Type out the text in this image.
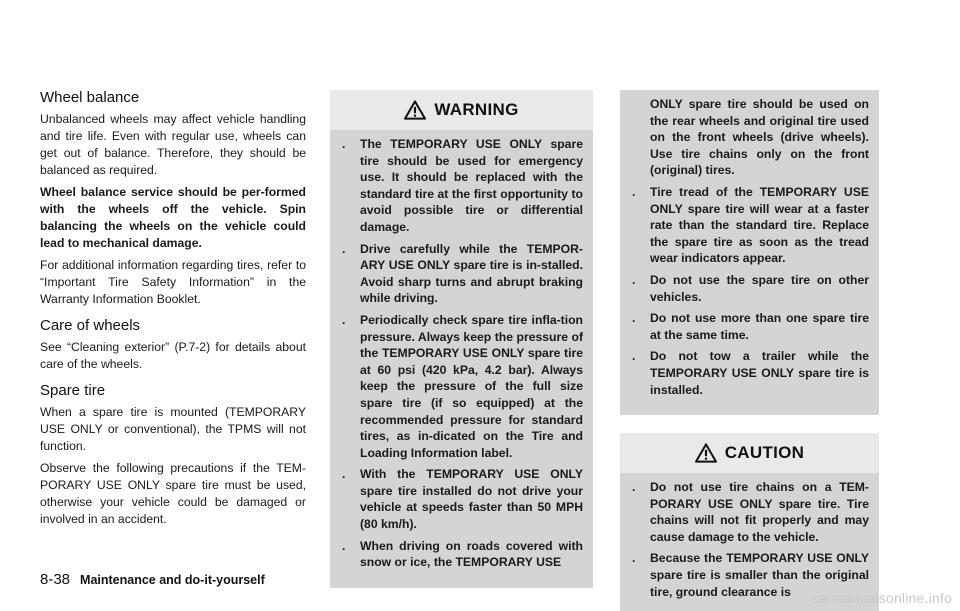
Wheel balance

Unbalanced wheels may affect vehicle handling and tire life. Even with regular use, wheels can get out of balance. Therefore, they should be balanced as required.

Wheel balance service should be per-formed with the wheels off the vehicle. Spin balancing the wheels on the vehicle could lead to mechanical damage.

For additional information regarding tires, refer to “Important Tire Safety Information” in the Warranty Information Booklet.

Care of wheels

See “Cleaning exterior” (P.7-2) for details about care of the wheels.

Spare tire

When a spare tire is mounted (TEMPORARY USE ONLY or conventional), the TPMS will not function.

Observe the following precautions if the TEM-PORARY USE ONLY spare tire must be used, otherwise your vehicle could be damaged or involved in an accident.

WARNING
. The TEMPORARY USE ONLY spare tire should be used for emergency use. It should be replaced with the standard tire at the first opportunity to avoid possible tire or differential damage.
. Drive carefully while the TEMPOR-ARY USE ONLY spare tire is in-stalled. Avoid sharp turns and abrupt braking while driving.
. Periodically check spare tire infla-tion pressure. Always keep the pressure of the TEMPORARY USE ONLY spare tire at 60 psi (420 kPa, 4.2 bar). Always keep the pressure of the full size spare tire (if so equipped) at the recommended pressure for standard tires, as in-dicated on the Tire and Loading Information label.
. With the TEMPORARY USE ONLY spare tire installed do not drive your vehicle at speeds faster than 50 MPH (80 km/h).
. When driving on roads covered with snow or ice, the TEMPORARY USE
ONLY spare tire should be used on the rear wheels and original tire used on the front wheels (drive wheels). Use tire chains only on the front (original) tires.
. Tire tread of the TEMPORARY USE ONLY spare tire will wear at a faster rate than the standard tire. Replace the spare tire as soon as the tread wear indicators appear.
. Do not use the spare tire on other vehicles.
. Do not use more than one spare tire at the same time.
. Do not tow a trailer while the TEMPORARY USE ONLY spare tire is installed.
CAUTION
. Do not use tire chains on a TEM-PORARY USE ONLY spare tire. Tire chains will not fit properly and may cause damage to the vehicle.
. Because the TEMPORARY USE ONLY spare tire is smaller than the original tire, ground clearance is
8-38 Maintenance and do-it-yourself
carmanualsonline.info
